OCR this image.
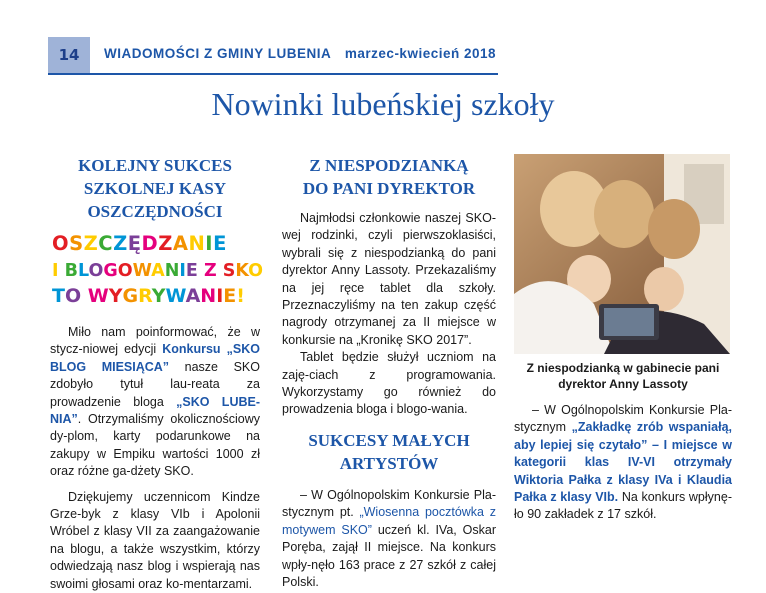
14	WIADOMOŚCI Z GMINY LUBENIA marzec-kwiecień 2018
Nowinki lubeńskiej szkoły
KOLEJNY SUKCES
SZKOLNEJ KASY
OSZCZĘDNOŚCI
OSZCZĘDZANIE
I BLOGOWANIE Z SKO
TO WYGRYWANIE!

Miło nam poinformować, że w stycz-niowej edycji Konkursu „SKO BLOG MIESIĄCA” nasze SKO zdobyło tytuł lau-reata za prowadzenie bloga „SKO LUBE-NIA”. Otrzymaliśmy okolicznościowy dy-plom, karty podarunkowe na zakupy w Empiku wartości 1000 zł oraz różne ga-dżety SKO.

Dziękujemy uczennicom Kindze Grze-byk z klasy VIb i Apolonii Wróbel z klasy VII za zaangażowanie na blogu, a także wszystkim, którzy odwiedzają nasz blog i wspierają nas swoimi głosami oraz ko-mentarzami.

Z NIESPODZIANKĄ
DO PANI DYREKTOR

Najmłodsi członkowie naszej SKO-wej rodzinki, czyli pierwszoklasiści, wybrali się z niespodzianką do pani dyrektor Anny Lassoty. Przekazaliśmy na jej ręce tablet dla szkoły. Przeznaczyliśmy na ten zakup część nagrody otrzymanej za II miejsce w konkursie na „Kronikę SKO 2017”.

Tablet będzie służył uczniom na zaję-ciach z programowania. Wykorzystamy go również do prowadzenia bloga i blogo-wania.

SUKCESY MAŁYCH
ARTYSTÓW

– W Ogólnopolskim Konkursie Pla-stycznym pt. „Wiosenna pocztówka z motywem SKO” uczeń kl. IVa, Oskar Poręba, zajął II miejsce. Na konkurs wpły-nęło 163 prace z 27 szkół z całej Polski.

Z niespodzianką w gabinecie pani dyrektor Anny Lassoty

– W Ogólnopolskim Konkursie Pla-stycznym „Zakładkę zrób wspaniałą, aby lepiej się czytało” – I miejsce w kategorii klas IV-VI otrzymały Wiktoria Pałka z klasy IVa i Klaudia Pałka z klasy VIb. Na konkurs wpłynę-ło 90 zakładek z 17 szkół.
